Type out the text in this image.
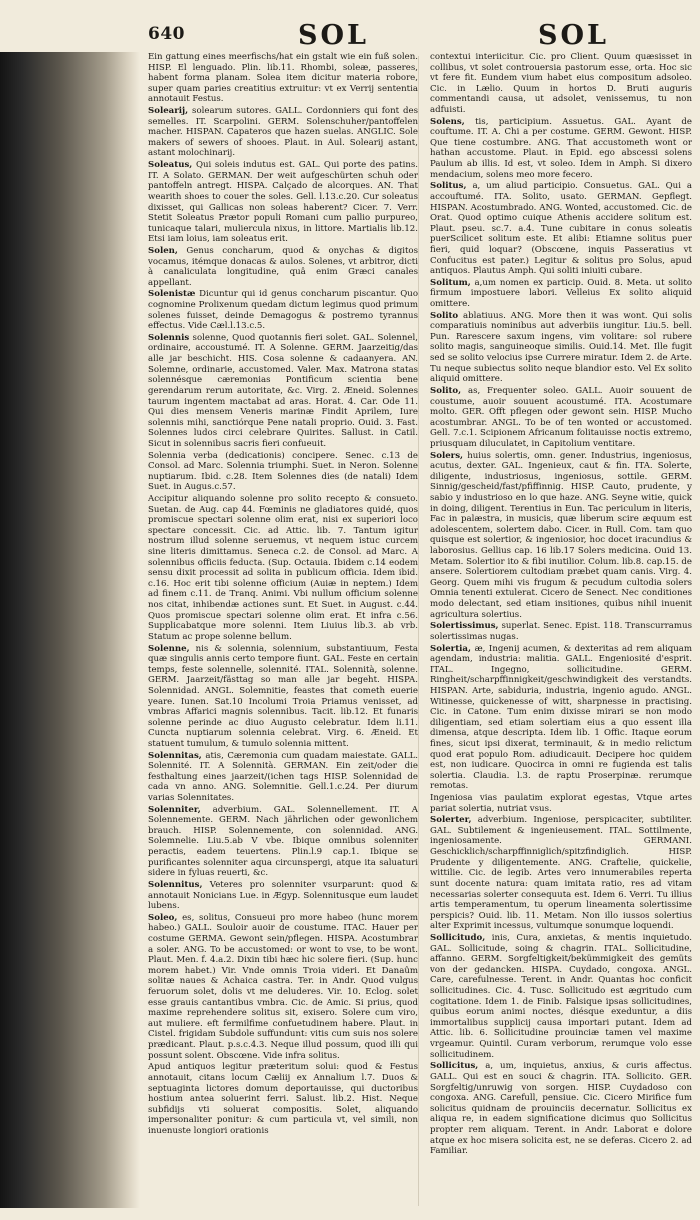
640	SOL	SOL

Ein gattung eines meerfischs/hat ein gstalt wie ein fuß solen. HISP. El lenguado. Plin. lib.11. Rhombi, soleæ, passeres, habent forma planam. Solea item dicitur materia robore, super quam paries creatitius extruitur: vt ex Verrij sententia annotauit Festus.

Solearij, solearum sutores. GALL. Cordonniers qui font des semelles. IT. Scarpolini. GERM. Solenschuher/pantoffelen macher. HISPAN. Capateros que hazen suelas. ANGLIC. Sole makers of sewers of shooes. Plaut. in Aul. Solearij astant, astant molochinarij.

Soleatus, Qui soleis indutus est. GAL. Qui porte des patins. IT. A Solato. GERMAN. Der weit aufgeschürten schuh oder pantoffeln antregt. HISPA. Calçado de alcorques. AN. That wearith shoes to couer the soles. Gell. l.13.c.20. Cur soleatus dixisset, qui Gallicas non soleas haberent? Cicer. 7. Verr. Stetit Soleatus Prætor populi Romani cum pallio purpureo, tunicaque talari, muliercula nixus, in littore. Martialis lib.12. Etsi iam loius, iam soleatus erit.

Solen, Genus concharum, quod & onychas & digitos vocamus, itémque donacas & aulos. Solenes, vt arbitror, dicti à canaliculata longitudine, quâ enim Græci canales appellant.

Solenistæ Dicuntur qui id genus concharum piscantur. Quo cognomine Prolixenum quedam dictum legimus quod primum solenes fuisset, deinde Demagogus & postremo tyrannus effectus. Vide Cæl.l.13.c.5.

Solennis solenne, Quod quotannis fieri solet. GAL. Solennel, ordinaire, accoustumé. IT. A Solenne. GERM. Jaarzeitig/das alle jar beschicht. HIS. Cosa solenne & cadaanyera. AN. Solemne, ordinarie, accustomed. Valer. Max. Matrona statas solennésque cæremonias Pontificum scientia bene gerendarum rerum autoritate, &c. Virg. 2. Æneid. Solennes taurum ingentem mactabat ad aras. Horat. 4. Car. Ode 11. Qui dies mensem Veneris marinæ Findit Aprilem, Iure solennis mihi, sanctiórque Pene natali proprio. Ouid. 3. Fast. Solennes ludos circi celebrare Quirites. Sallust. in Catil. Sicut in solennibus sacris fieri confueuit.

Solennia verba (dedicationis) concipere. Senec. c.13 de Consol. ad Marc. Solennia triumphi. Suet. in Neron. Solenne nuptiarum. Ibid. c.28. Item Solennes dies (de natali) Idem Suet. in Augus.c.57.

Accipitur aliquando solenne pro solito recepto & consueto. Suetan. de Aug. cap 44. Fœminis ne gladiatores quidé, quos promiscue spectari solenne olim erat, nisi ex superiori loco spectare concessit. Cic. ad Attic. lib. 7. Tantum igitur nostrum illud solenne seruemus, vt nequem istuc curcem sine literis dimittamus. Seneca c.2. de Consol. ad Marc. A solennibus officiis feducta. (Sup. Octauia. Ibidem c.14 eodem sensu dixit processit ad solita in publicum officia. Idem ibid. c.16. Hoc erit tibi solenne officium (Auiæ in neptem.) Idem ad finem c.11. de Tranq. Animi. Vbi nullum officium solenne nos citat, inhibendæ actiones sunt. Et Suet. in August. c.44. Quos promiscue spectari solenne olim erat. Et infra c.56. Supplicabatque more solenni. Item Liuius lib.3. ab vrb. Statum ac prope solenne bellum.

Solenne, nis & solennia, solennium, substantiuum, Festa quæ singulis annis certo tempore fiunt. GAL. Feste en certain temps, feste solennelle, solennité. ITAL. Solennità, solenne. GERM. Jaarzeit/fästtag so man alle jar begeht. HISPA. Solennidad. ANGL. Solemnitie, feastes that cometh euerie yeare. Iunen. Sat.10 Incolumi Troia Priamus venisset, ad vmbras Affarici magnis solennibus. Tacit. lib.12. Et funaris solenne perinde ac diuo Augusto celebratur. Idem li.11. Cuncta nuptiarum solennia celebrat. Virg. 6. Æneid. Et statuent tumulum, & tumulo solennia mittent.

Solennitas, atis, Cæremonia cum quadam maiestate. GALL. Solennité. IT. A Solennità. GERMAN. Ein zeit/oder die festhaltung eines jaarzeit/(ichen tags HISP. Solennidad de cada vn anno. ANG. Solemnitie. Gell.1.c.24. Per diurum varias Solennitates.

Solenniter, adverbium. GAL. Solennellement. IT. A Solennemente. GERM. Nach jährlichen oder gewonlichem brauch. HISP. Solennemente, con solennidad. ANG. Solemnelie. Liu.5.ab V vbe. Ibique omnibus solenniter peractis, eadem teuertens. Plin.l.9 cap.1. Ibique se purificantes solenniter aqua circunspergi, atque ita saluaturi sidere in fyluas reuerti, &c.

Solennitus, Veteres pro solenniter vsurparunt: quod & annotauit Nonicians Lue. in Ægyp. Solennitusque eum laudet lubens.

Soleo, es, solitus, Consueui pro more habeo (hunc morem habeo.) GALL. Souloir auoir de coustume. ITAC. Hauer per costume GERMA. Gewont sein/pflegen. HISPA. Acostumbrar a soler. ANG. To be accustomed: or wont to vse, to be wont. Plaut. Men. f. 4.a.2. Dixin tibi hæc hic solere fieri. (Sup. hunc morem habet.) Vir. Vnde omnis Troia videri. Et Danaûm solitæ naues & Achaica castra. Ter. in Andr. Quod vulgus feruorum solet, dolis vt me deluderes. Vir. 10. Eclog. solet esse grauis cantantibus vmbra. Cic. de Amic. Si prius, quod maxime reprehendere solitus sit, exisero. Solere cum viro, aut muliere. eft fermilfime confuetudinem habere. Plaut. in Cistel. frigidam Subdole suffundunt: vitis cum suis nos solere prædicant. Plaut. p.s.c.4.3. Neque illud possum, quod illi qui possunt solent. Obscœne. Vide infra solitus.

Apud antiquos legitur præteritum solui: quod & Festus annotauit, citans locum Cæliij ex Annalium l.7. Duos & septuaginta lictores domum deportauisse, qui ductoribus hostium antea soluerint ferri. Salust. lib.2. Hist. Neque subfidijs vti soluerat compositis. Solet, aliquando impersonaliter ponitur: & cum particula vt, vel simili, non inuenuste longiori orationis

contextui interiicitur. Cic. pro Client. Quum quæsisset in collibus, vt solet controuersia pastorum esse, orta. Hoc sic vt fere fit. Eundem vium habet eius compositum adsoleo. Cic. in Lælio. Quum in hortos D. Bruti auguris commentandi causa, ut adsolet, venissemus, tu non adfuisti.

Solens, tis, participium. Assuetus. GAL. Ayant de couftume. IT. A. Chi a per costume. GERM. Gewont. HISP. Que tiene costumbre. ANG. That accustometh wont or hathan accustome. Plaut. in Epid. ego abscessi solens Paulum ab illis. Id est, vt soleo. Idem in Amph. Si dixero mendacium, solens meo more fecero.

Solitus, a, um aliud participio. Consuetus. GAL. Qui a accouftumé. ITA. Solito, usato. GERMAN. Gepflegt. HISPAN. Acostumbrado. ANG. Wonted, accustomed. Cic. de Orat. Quod optimo cuique Athenis accidere solitum est. Plaut. pseu. sc.7. a.4. Tune cubitare in conus soleatis puerScilicet solitum este. Et alibi: Etiamne solitus puer fieri, quid loquar? (Obscœne, inquis Passeratius vt Confucitus est pater.) Legitur & solitus pro Solus, apud antiquos. Plautus Amph. Qui soliti iniuiti cubare.

Solitum, a,um nomen ex particip. Ouid. 8. Meta. ut solito firmum impostuere labori. Velleius Ex solito aliquid omittere.

Solito ablatiuus. ANG. More then it was wont. Qui solis comparatiuis nominibus aut adverbiis iungitur. Liu.5. bell. Pun. Rarescere saxum ingens, vim volitare: sol rubere solito magis, sanguineoque similis. Ouid.14. Met. Ille fugit sed se solito velocius ipse Currere miratur. Idem 2. de Arte. Tu neque subiectus solito neque blandior esto. Vel Ex solito aliquid omittere.

Solito, as, Frequenter soleo. GALL. Auoir souuent de coustume, auoir souuent acoustumé. ITA. Acostumare molto. GER. Offt pflegen oder gewont sein. HISP. Mucho acostumbrar. ANGL. To be of ten wonted or accustomed. Gell. 7.c.1. Scipionem Africanum folitauisse noctis extremo, priusquam diluculatet, in Capitolium ventitare.

Solers, huius solertis, omn. gener. Industrius, ingeniosus, acutus, dexter. GAL. Ingenieux, caut & fin. ITA. Solerte, diligente, industriosus, ingeniosus, sottile. GERM. Sinnig/gescheid/fast/pfiffinnig. HISP. Cauto, prudente, y sabio y industrioso en lo que haze. ANG. Seyne witie, quick in doing, diligent. Terentius in Eun. Tac periculum in literis, Fac in palæstra, in musicis, quæ liberum scire æquum est adolescentem, solertem dabo. Cicer. in Rull. Com. tam quo quisque est solertior, & ingeniosior, hoc docet iracundius & laborosius. Gellius cap. 16 lib.17 Solers medicina. Ouid 13. Metam. Solertior ito & fibi inutilior. Colum. lib.8. cap.15. de ansere. Solertiorem cultodiam præbet quam canis. Virg. 4. Georg. Quem mihi vis frugum & pecudum cultodia solers Omnia tenenti extulerat. Cicero de Senect. Nec conditiones modo delectant, sed etiam insitiones, quibus nihil inuenit agricultura solertius.

Solertissimus, superlat. Senec. Epist. 118. Transcurramus solertissimas nugas.

Solertia, æ, Ingenij acumen, & dexteritas ad rem aliquam agendam, industria: malitia. GALL. Engeniosité d'esprit. ITAL. Ingegno, sollicitudine. GERM. Ringheit/scharpffinnigkeit/geschwindigkeit des verstandts. HISPAN. Arte, sabiduria, industria, ingenio agudo. ANGL. Witinesse, quickenesse of witt, sharpnesse in practising. Cic. in Catone. Tum enim dixisse mirari se non modo diligentiam, sed etiam solertiam eius a quo essent illa dimensa, atque descripta. Idem lib. 1 Offic. Itaque eorum fines, sicut ipsi dixerat, terminauit, & in medio relictum quod erat populo Rom. adiudicauit. Decipere hoc quidem est, non iudicare. Quocirca in omni re fugienda est talis solertia. Claudia. l.3. de raptu Proserpinæ. rerumque remotas.

Ingeniosa vias paulatim explorat egestas, Vtque artes pariat solertia, nutriat vsus.

Solerter, adverbium. Ingeniose, perspicaciter, subtiliter. GAL. Subtilement & ingenieusement. ITAL. Sottilmente, ingeniosamente. GERMANI. Geschicklich/scharpffinniglich/spitzfindiglich. HISP. Prudente y diligentemente. ANG. Craftelie, quickelie, wittilie. Cic. de legib. Artes vero innumerabiles reperta sunt docente natura: quam imitata ratio, res ad vitam necessarias solerter consequuta est. Idem 6. Verri. Tu illius artis temperamentum, tu operum lineamenta solertissime perspicis? Ouid. lib. 11. Metam. Non illo iussos solertius alter Exprimit incessus, vultumque sonumque loquendi.

Sollicitudo, inis, Cura, anxietas, & mentis inquietudo. GAL. Sollicitude, soing & chagrin. ITAL. Sollicitudine, affanno. GERM. Sorgfeltigkeit/bekümmigkeit des gemüts von der gedancken. HISPA. Cuydado, congoxa. ANGL. Care, carefulnesse. Terent. in Andr. Quantas hoc conficit sollicitudines. Cic. 4. Tusc. Sollicitudo est ægritudo cum cogitatione. Idem 1. de Finib. Falsique ipsas sollicitudines, quibus eorum animi noctes, diésque exeduntur, a diis immortalibus supplicij causa importari putant. Idem ad Attic. lib. 6. Sollicitudine prouinciæ tamen vel maxime vrgeamur. Quintil. Curam verborum, rerumque volo esse sollicitudinem.

Sollicitus, a, um, inquietus, anxius, & curis affectus. GALL. Qui est en souci & chagrin. ITA. Sollicito. GER. Sorgfeltig/unruwig von sorgen. HISP. Cuydadoso con congoxa. ANG. Carefull, pensiue. Cic. Cicero Mirifice fum solicitus quidnam de prouinciis decernatur. Sollicitus ex aliqua re, in eadem significatione dicimus quo Sollicitus propter rem aliquam. Terent. in Andr. Laborat e dolore atque ex hoc misera solicita est, ne se deferas. Cicero 2. ad Familiar.
